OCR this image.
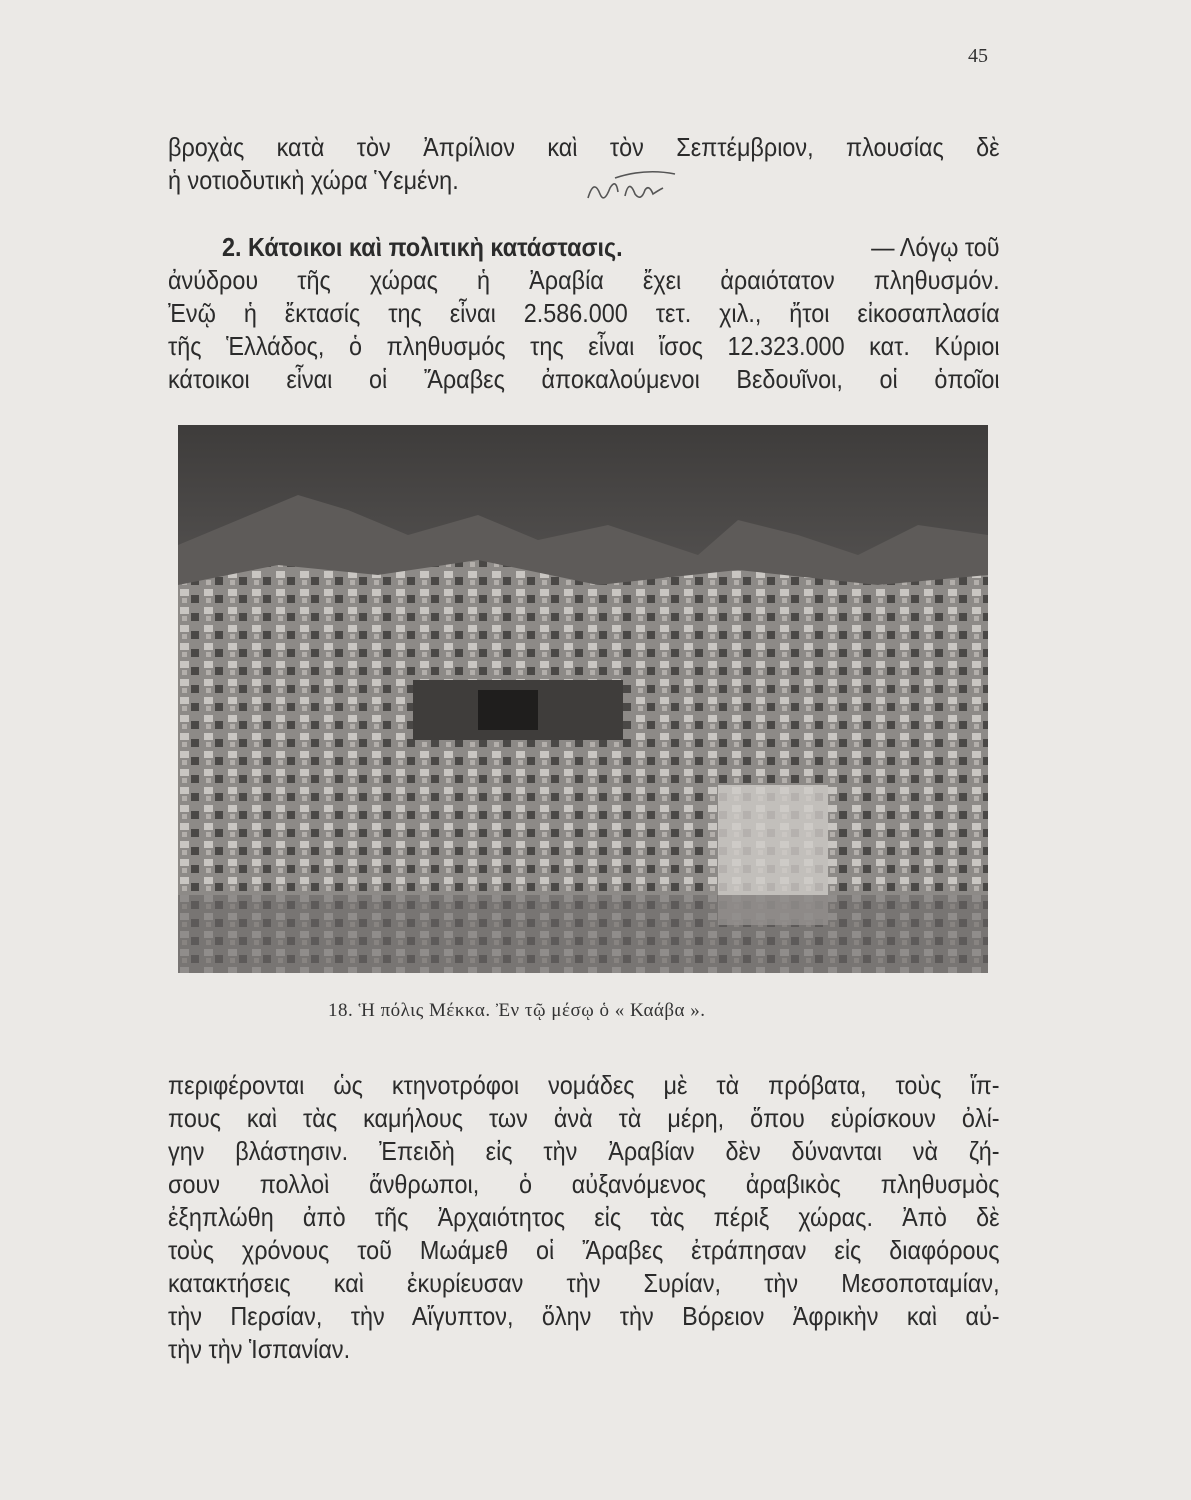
45
βροχὰς κατὰ τὸν Ἀπρίλιον καὶ τὸν Σεπτέμβριον, πλουσίας δὲ
ἡ νοτιοδυτικὴ χώρα Ὑεμένη.
2. Κάτοικοι καὶ πολιτικὴ κατάστασις.	— Λόγῳ τοῦ
ἀνύδρου τῆς χώρας ἡ Ἀραβία ἔχει ἀραιότατον πληθυσμόν.
Ἐνῷ ἡ ἔκτασίς της εἶναι 2.586.000 τετ. χιλ., ἤτοι εἰκοσαπλασία
τῆς Ἑλλάδος, ὁ πληθυσμός της εἶναι ἴσος 12.323.000 κατ. Κύριοι
κάτοικοι εἶναι οἱ Ἄραβες ἀποκαλούμενοι Βεδουῖνοι, οἱ ὁποῖοι
18. Ἡ πόλις Μέκκα. Ἐν τῷ μέσῳ ὁ « Καάβα ».
περιφέρονται ὡς κτηνοτρόφοι νομάδες μὲ τὰ πρόβατα, τοὺς ἵπ-
πους καὶ τὰς καμήλους των ἀνὰ τὰ μέρη, ὅπου εὑρίσκουν ὀλί-
γην βλάστησιν. Ἐπειδὴ εἰς τὴν Ἀραβίαν δὲν δύνανται νὰ ζή-
σουν πολλοὶ ἄνθρωποι, ὁ αὐξανόμενος ἀραβικὸς πληθυσμὸς
ἐξηπλώθη ἀπὸ τῆς Ἀρχαιότητος εἰς τὰς πέριξ χώρας. Ἀπὸ δὲ
τοὺς χρόνους τοῦ Μωάμεθ οἱ Ἄραβες ἐτράπησαν εἰς διαφόρους
κατακτήσεις καὶ ἐκυρίευσαν τὴν Συρίαν, τὴν Μεσοποταμίαν,
τὴν Περσίαν, τὴν Αἴγυπτον, ὅλην τὴν Βόρειον Ἀφρικὴν καὶ αὐ-
τὴν τὴν Ἱσπανίαν.
